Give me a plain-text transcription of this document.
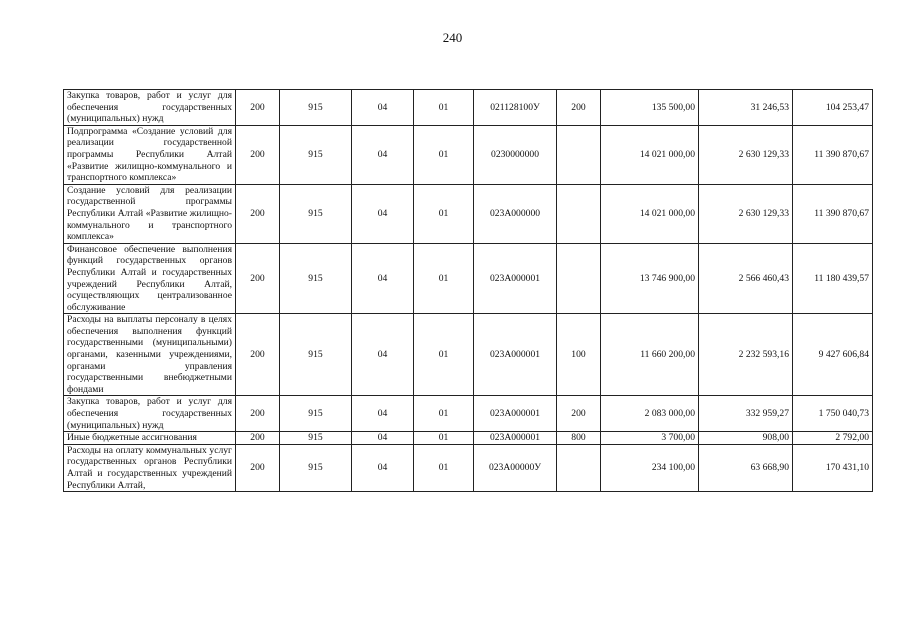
240
Закупка товаров, работ и услуг для обеспечения государственных (муниципальных) нужд	200	915	04	01	021128100У	200	135 500,00	31 246,53	104 253,47
Подпрограмма «Создание условий для реализации государственной программы Республики Алтай «Развитие жилищно-коммунального и транспортного комплекса»	200	915	04	01	0230000000		14 021 000,00	2 630 129,33	11 390 870,67
Создание условий для реализации государственной программы Республики Алтай «Развитие жилищно-коммунального и транспортного комплекса»	200	915	04	01	023А000000		14 021 000,00	2 630 129,33	11 390 870,67
Финансовое обеспечение выполнения функций государственных органов Республики Алтай и государственных учреждений Республики Алтай, осуществляющих централизованное обслуживание	200	915	04	01	023А000001		13 746 900,00	2 566 460,43	11 180 439,57
Расходы на выплаты персоналу в целях обеспечения выполнения функций государственными (муниципальными) органами, казенными учреждениями, органами управления государственными внебюджетными фондами	200	915	04	01	023А000001	100	11 660 200,00	2 232 593,16	9 427 606,84
Закупка товаров, работ и услуг для обеспечения государственных (муниципальных) нужд	200	915	04	01	023А000001	200	2 083 000,00	332 959,27	1 750 040,73
Иные бюджетные ассигнования	200	915	04	01	023А000001	800	3 700,00	908,00	2 792,00
Расходы на оплату коммунальных услуг государственных органов Республики Алтай и государственных учреждений Республики Алтай,	200	915	04	01	023А00000У		234 100,00	63 668,90	170 431,10
